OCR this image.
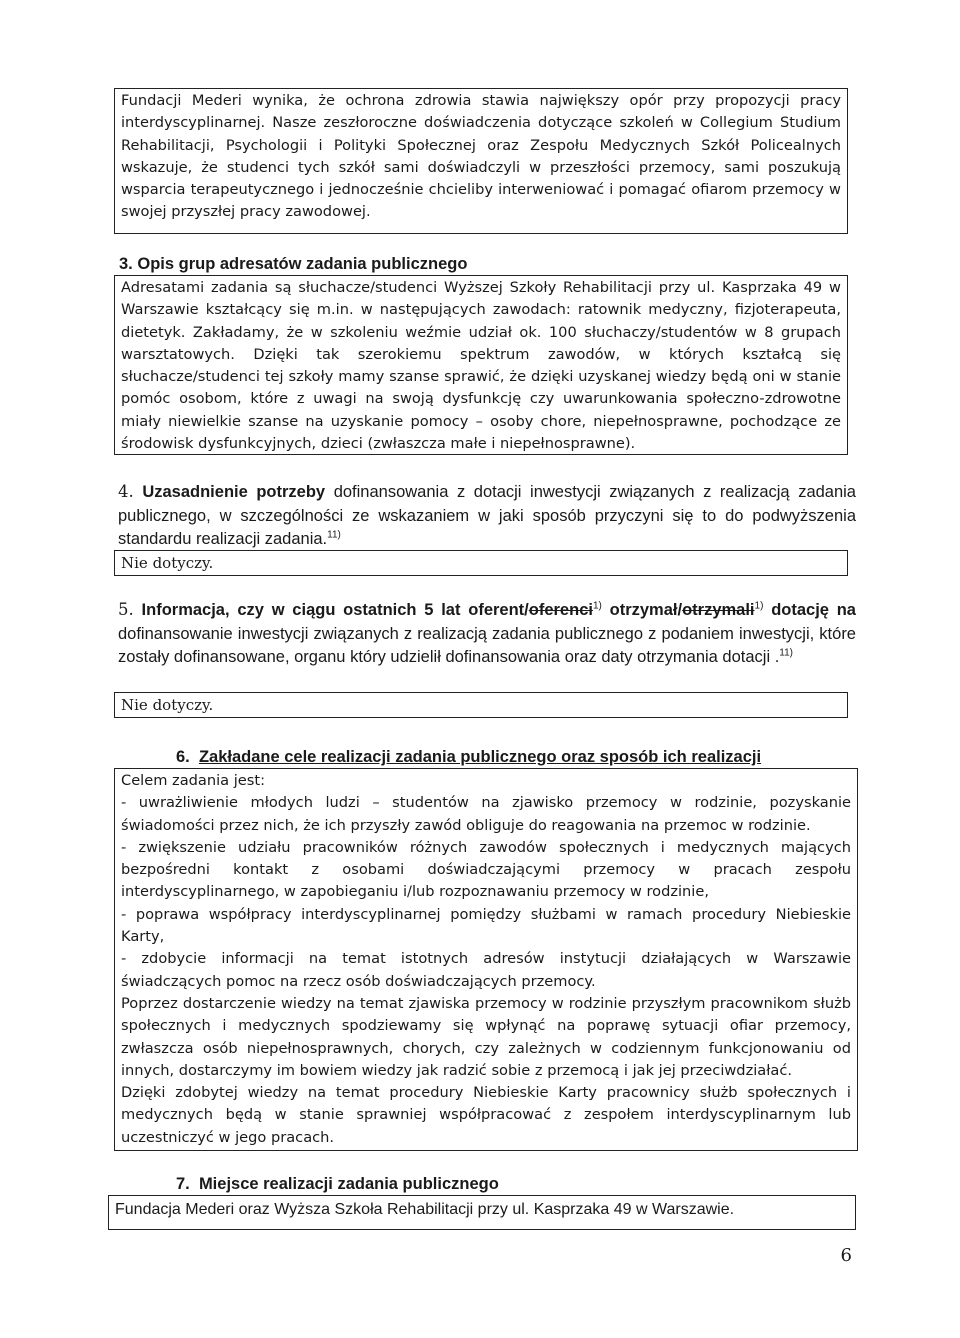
Fundacji Mederi wynika, że ochrona zdrowia stawia największy opór przy propozycji pracy interdyscyplinarnej. Nasze zeszłoroczne doświadczenia dotyczące szkoleń w Collegium Studium Rehabilitacji, Psychologii i Polityki Społecznej oraz Zespołu Medycznych Szkół Policealnych wskazuje, że studenci tych szkół sami doświadczyli w przeszłości przemocy, sami poszukują wsparcia terapeutycznego i jednocześnie chcieliby interweniować i pomagać ofiarom przemocy w swojej przyszłej pracy zawodowej.

3. Opis grup adresatów zadania publicznego

Adresatami zadania są słuchacze/studenci Wyższej Szkoły Rehabilitacji przy ul. Kasprzaka 49 w Warszawie kształcący się m.in. w następujących zawodach: ratownik medyczny, fizjoterapeuta, dietetyk. Zakładamy, że w szkoleniu weźmie udział ok. 100 słuchaczy/studentów w 8 grupach warsztatowych. Dzięki tak szerokiemu spektrum zawodów, w których kształcą się słuchacze/studenci tej szkoły mamy szanse sprawić, że dzięki uzyskanej wiedzy będą oni w stanie pomóc osobom, które z uwagi na swoją dysfunkcję czy uwarunkowania społeczno-zdrowotne miały niewielkie szanse na uzyskanie pomocy – osoby chore, niepełnosprawne, pochodzące ze środowisk dysfunkcyjnych, dzieci (zwłaszcza małe i niepełnosprawne).

4. Uzasadnienie potrzeby dofinansowania z dotacji inwestycji związanych z realizacją zadania publicznego, w szczególności ze wskazaniem w jaki sposób przyczyni się to do podwyższenia standardu realizacji zadania.$^{11)}$

Nie dotyczy.

5. Informacja, czy w ciągu ostatnich 5 lat oferent/oferenci$^{1)}$ otrzymał/otrzymali$^{1)}$ dotację na dofinansowanie inwestycji związanych z realizacją zadania publicznego z podaniem inwestycji, które zostały dofinansowane, organu który udzielił dofinansowania oraz daty otrzymania dotacji .$^{11)}$

Nie dotyczy.

6. Zakładane cele realizacji zadania publicznego oraz sposób ich realizacji

Celem zadania jest:

- uwrażliwienie młodych ludzi – studentów na zjawisko przemocy w rodzinie, pozyskanie świadomości przez nich, że ich przyszły zawód obliguje do reagowania na przemoc w rodzinie.
- zwiększenie udziału pracowników różnych zawodów społecznych i medycznych mających bezpośredni kontakt z osobami doświadczającymi przemocy w pracach zespołu interdyscyplinarnego, w zapobieganiu i/lub rozpoznawaniu przemocy w rodzinie,
- poprawa współpracy interdyscyplinarnej pomiędzy służbami w ramach procedury Niebieskie Karty,
- zdobycie informacji na temat istotnych adresów instytucji działających w Warszawie świadczących pomoc na rzecz osób doświadczających przemocy.

Poprzez dostarczenie wiedzy na temat zjawiska przemocy w rodzinie przyszłym pracownikom służb społecznych i medycznych spodziewamy się wpłynąć na poprawę sytuacji ofiar przemocy, zwłaszcza osób niepełnosprawnych, chorych, czy zależnych w codziennym funkcjonowaniu od innych, dostarczymy im bowiem wiedzy jak radzić sobie z przemocą i jak jej przeciwdziałać.

Dzięki zdobytej wiedzy na temat procedury Niebieskie Karty pracownicy służb społecznych i medycznych będą w stanie sprawniej współpracować z zespołem interdyscyplinarnym lub uczestniczyć w jego pracach.

7. Miejsce realizacji zadania publicznego

Fundacja Mederi oraz Wyższa Szkoła Rehabilitacji przy ul. Kasprzaka 49 w Warszawie.

6
